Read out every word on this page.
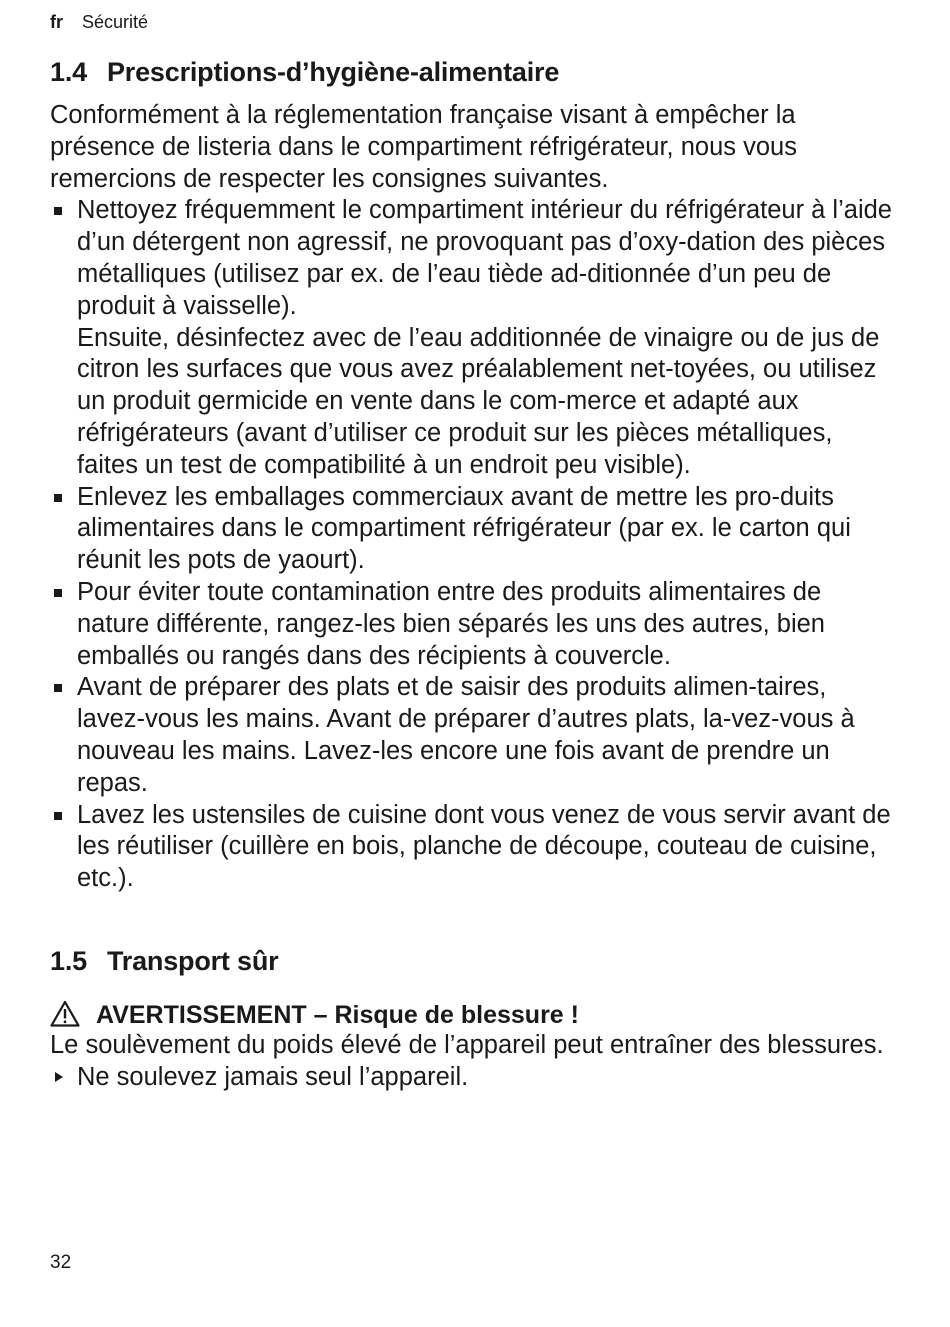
fr Sécurité
1.4 Prescriptions-d’hygiène-alimentaire

Conformément à la réglementation française visant à empêcher la présence de listeria dans le compartiment réfrigérateur, nous vous remercions de respecter les consignes suivantes.

Nettoyez fréquemment le compartiment intérieur du réfrigérateur à l’aide d’un détergent non agressif, ne provoquant pas d’oxy-dation des pièces métalliques (utilisez par ex. de l’eau tiède ad-ditionnée d’un peu de produit à vaisselle).

Ensuite, désinfectez avec de l’eau additionnée de vinaigre ou de jus de citron les surfaces que vous avez préalablement net-toyées, ou utilisez un produit germicide en vente dans le com-merce et adapté aux réfrigérateurs (avant d’utiliser ce produit sur les pièces métalliques, faites un test de compatibilité à un endroit peu visible).

Enlevez les emballages commerciaux avant de mettre les pro-duits alimentaires dans le compartiment réfrigérateur (par ex. le carton qui réunit les pots de yaourt).

Pour éviter toute contamination entre des produits alimentaires de nature différente, rangez-les bien séparés les uns des autres, bien emballés ou rangés dans des récipients à couvercle.

Avant de préparer des plats et de saisir des produits alimen-taires, lavez-vous les mains. Avant de préparer d’autres plats, la-vez-vous à nouveau les mains. Lavez-les encore une fois avant de prendre un repas.

Lavez les ustensiles de cuisine dont vous venez de vous servir avant de les réutiliser (cuillère en bois, planche de découpe, couteau de cuisine, etc.).

1.5 Transport sûr
AVERTISSEMENT – Risque de blessure !

Le soulèvement du poids élevé de l’appareil peut entraîner des blessures.

Ne soulevez jamais seul l’appareil.
32
